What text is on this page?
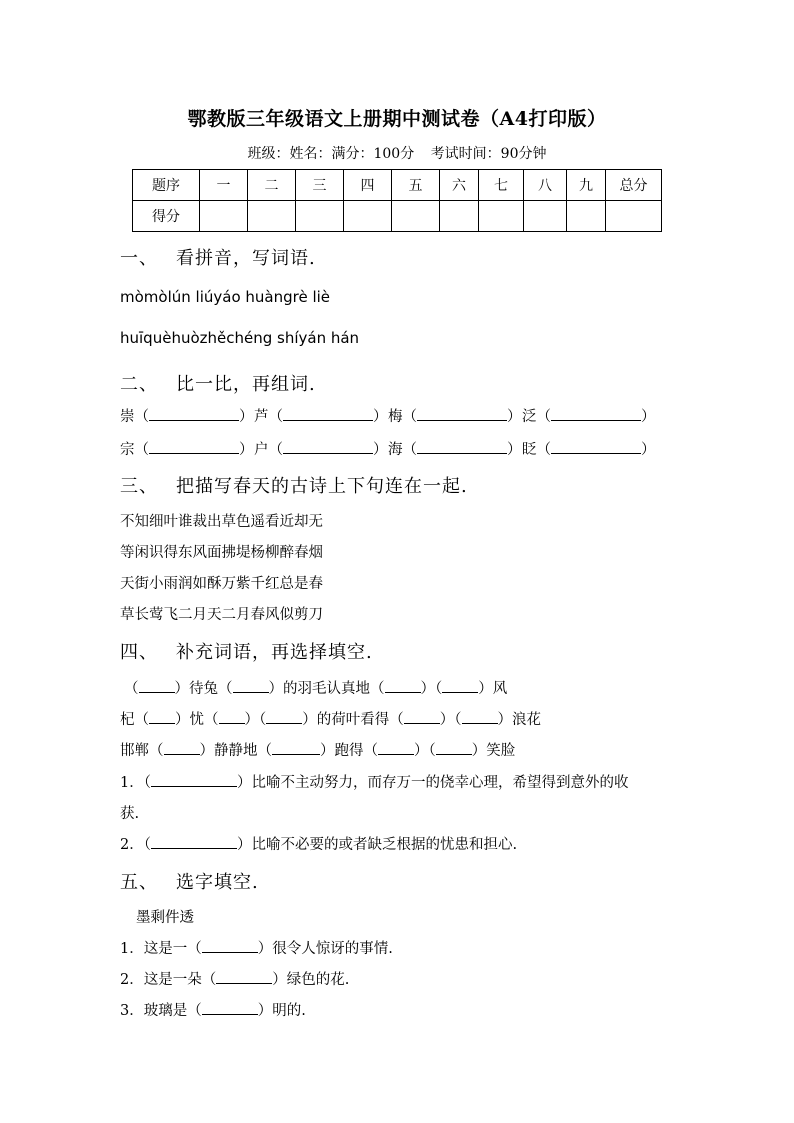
鄂教版三年级语文上册期中测试卷（A4打印版）
班级：姓名：满分：100分 考试时间：90分钟
题序	一	二	三	四	五	六	七	八	九	总分
得分										
一、 看拼音，写词语.
mòmòlún liúyáo huàngrè liè
huīquèhuòzhěchéng shíyán hán
二、 比一比，再组词.
崇（	）芦（	）梅（	）泛（	）
宗（	）户（	）海（	）眨（	）
三、 把描写春天的古诗上下句连在一起.
不知细叶谁裁出草色遥看近却无
等闲识得东风面拂堤杨柳醉春烟
天街小雨润如酥万紫千红总是春
草长莺飞二月天二月春风似剪刀
四、 补充词语，再选择填空.
（ ）待兔（ ）的羽毛认真地（ ）（ ）风
杞（ ）忧（ ）（ ）的荷叶看得（ ）（ ）浪花
邯郸（ ）静静地（	）跑得（ ）（ ）笑脸
1．（	）比喻不主动努力，而存万一的侥幸心理，希望得到意外的收
获.
2．（	）比喻不必要的或者缺乏根据的忧患和担心.
五、 选字填空.
墨剩件透
1．这是一（	）很令人惊讶的事情.
2．这是一朵（	）绿色的花.
3．玻璃是（	）明的.
